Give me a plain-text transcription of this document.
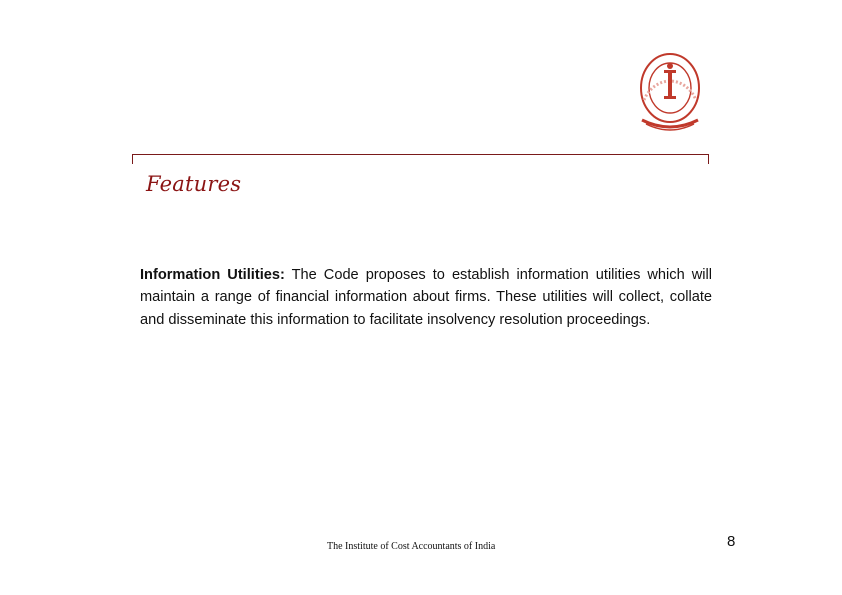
Features
Information Utilities: The Code proposes to establish information utilities which will maintain a range of financial information about firms. These utilities will collect, collate and disseminate this information to facilitate insolvency resolution proceedings.
The Institute of Cost Accountants of India	8
